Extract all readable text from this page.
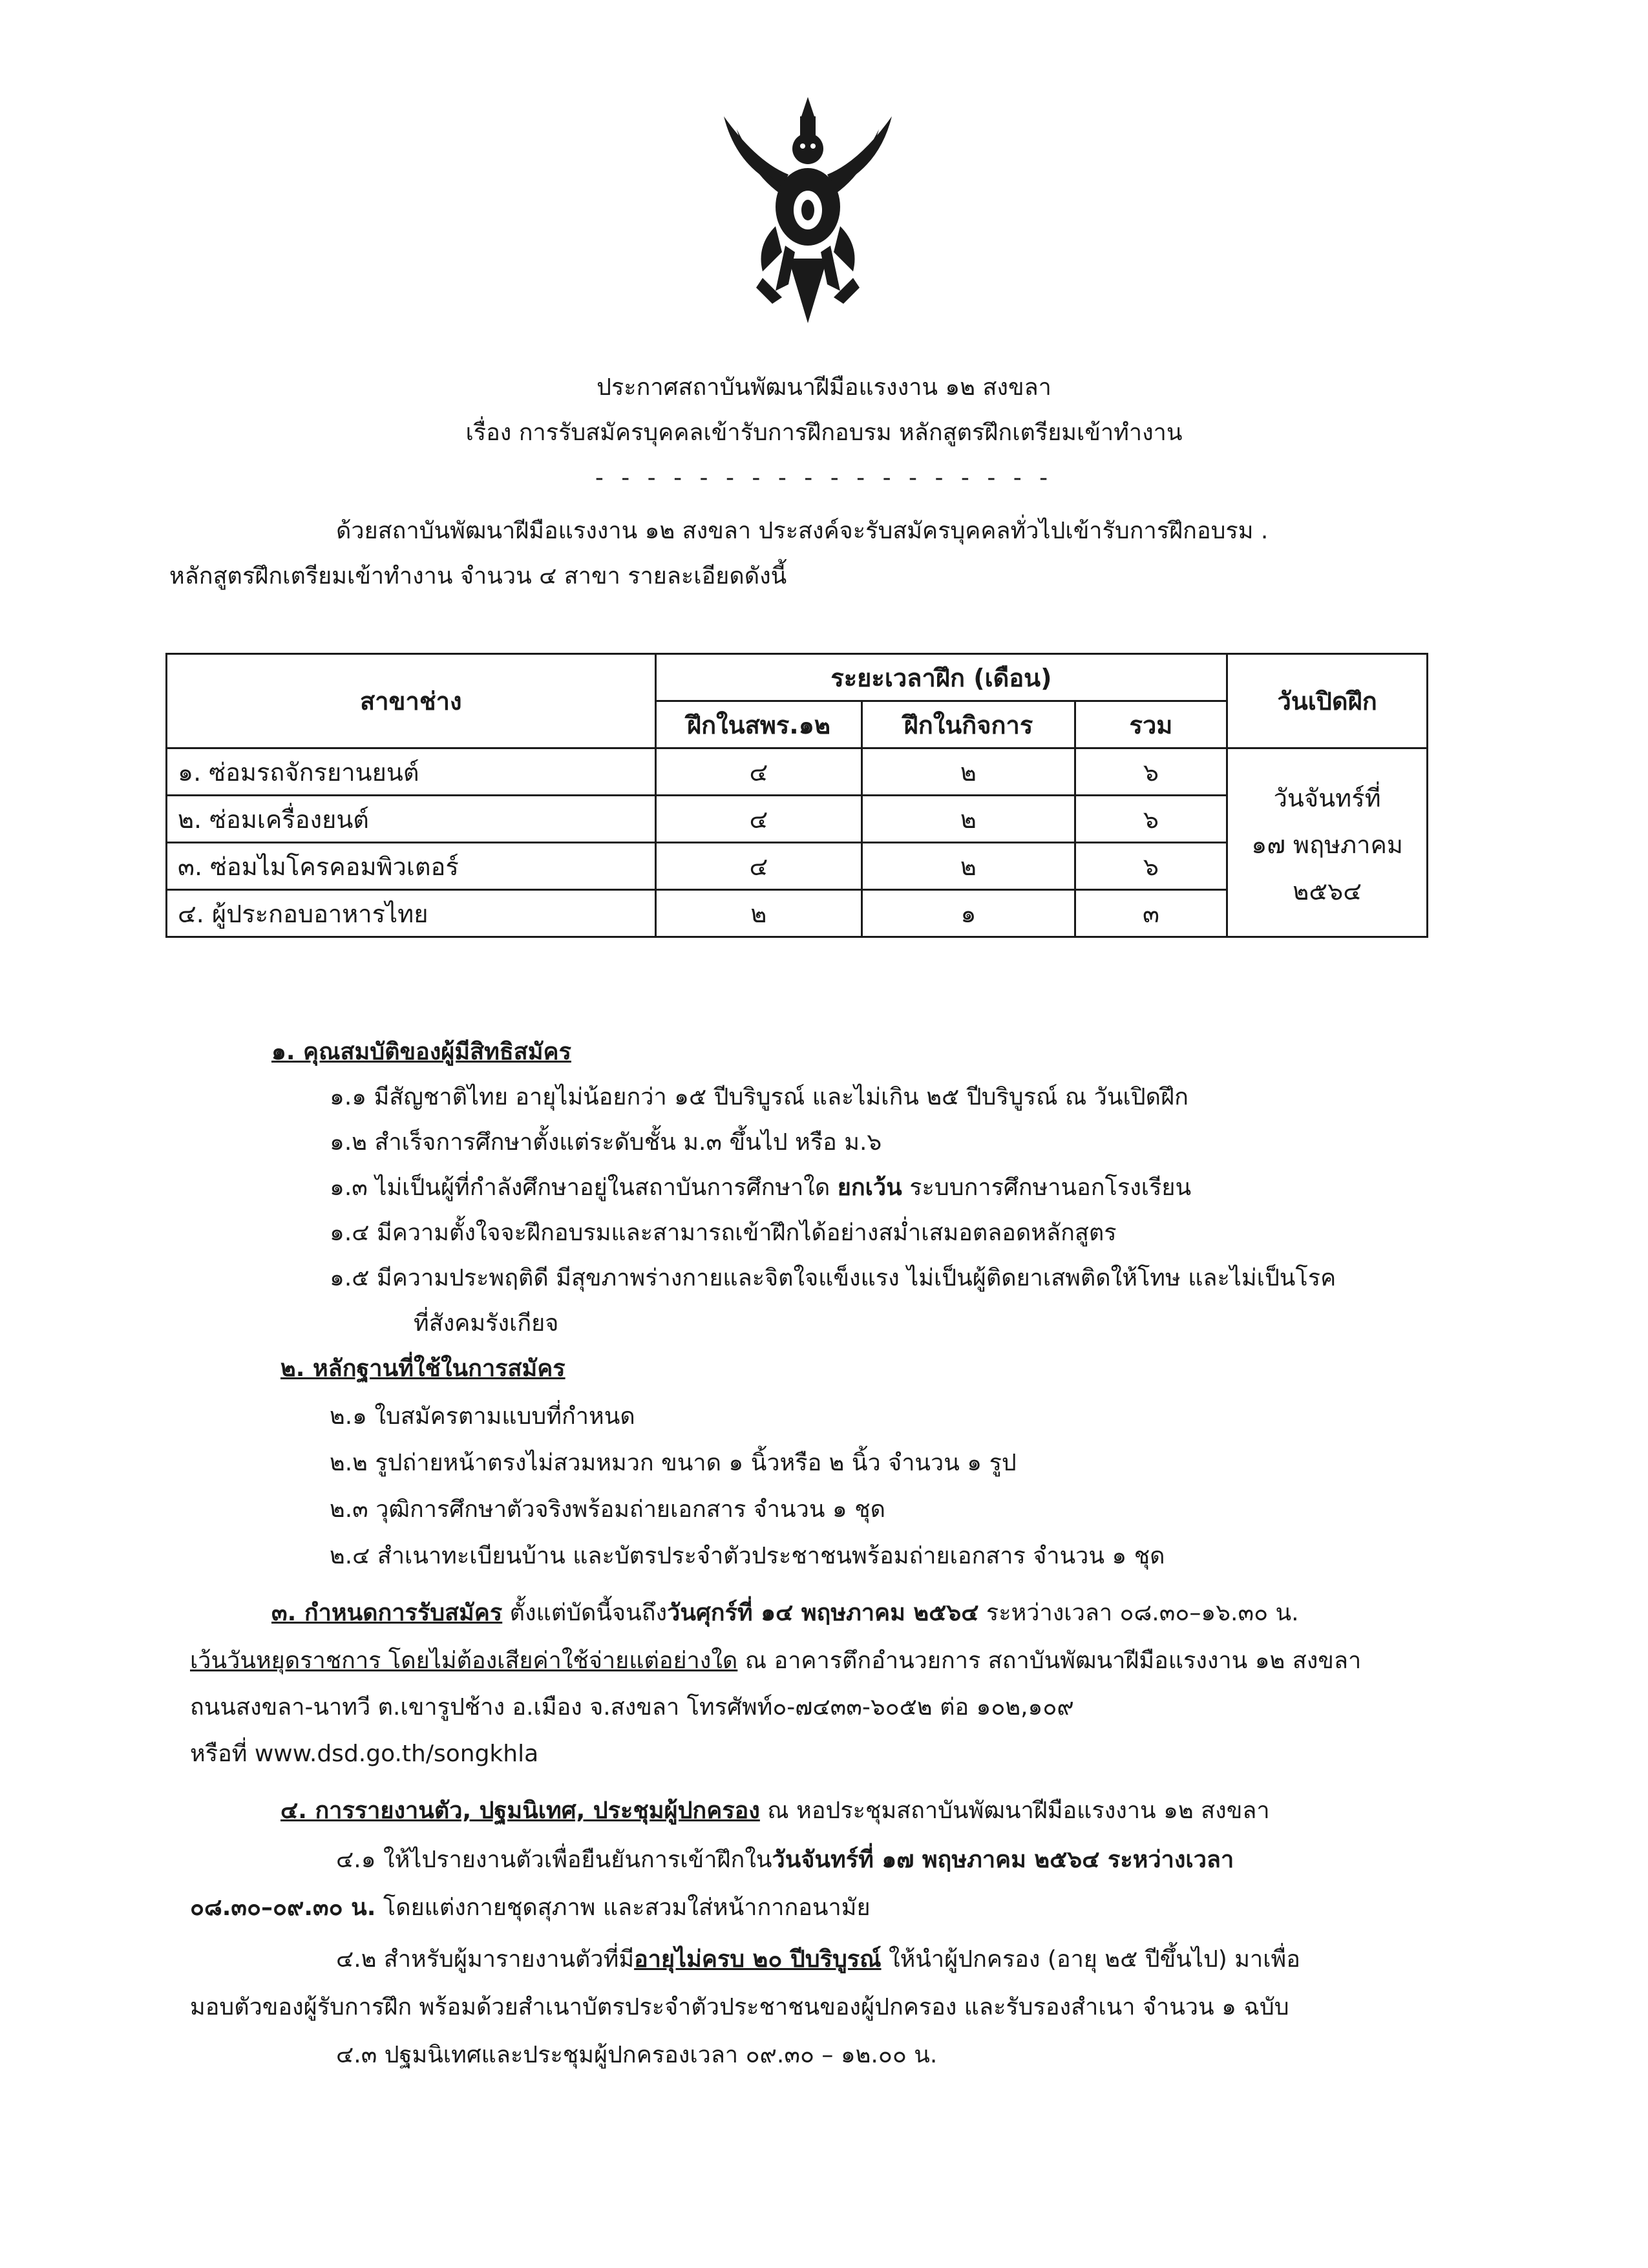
ประกาศสถาบันพัฒนาฝีมือแรงงาน ๑๒ สงขลา
เรื่อง การรับสมัครบุคคลเข้ารับการฝึกอบรม หลักสูตรฝึกเตรียมเข้าทำงาน
- - - - - - - - - - - - - - - - - -
ด้วยสถาบันพัฒนาฝีมือแรงงาน ๑๒ สงขลา ประสงค์จะรับสมัครบุคคลทั่วไปเข้ารับการฝึกอบรม .
หลักสูตรฝึกเตรียมเข้าทำงาน จำนวน ๔ สาขา รายละเอียดดังนี้
สาขาช่าง	ระยะเวลาฝึก (เดือน)			วันเปิดฝึก
	ฝึกในสพร.๑๒	ฝึกในกิจการ	รวม	
๑. ซ่อมรถจักรยานยนต์	๔	๒	๖	วันจันทร์ที่
๑๗ พฤษภาคม
๒๕๖๔

๒. ซ่อมเครื่องยนต์	๔	๒	๖	
๓. ซ่อมไมโครคอมพิวเตอร์	๔	๒	๖	
๔. ผู้ประกอบอาหารไทย	๒	๑	๓	
๑. คุณสมบัติของผู้มีสิทธิสมัคร
๑.๑ มีสัญชาติไทย อายุไม่น้อยกว่า ๑๕ ปีบริบูรณ์ และไม่เกิน ๒๕ ปีบริบูรณ์ ณ วันเปิดฝึก
๑.๒ สำเร็จการศึกษาตั้งแต่ระดับชั้น ม.๓ ขึ้นไป หรือ ม.๖
๑.๓ ไม่เป็นผู้ที่กำลังศึกษาอยู่ในสถาบันการศึกษาใด ยกเว้น ระบบการศึกษานอกโรงเรียน
๑.๔ มีความตั้งใจจะฝึกอบรมและสามารถเข้าฝึกได้อย่างสม่ำเสมอตลอดหลักสูตร
๑.๕ มีความประพฤติดี มีสุขภาพร่างกายและจิตใจแข็งแรง ไม่เป็นผู้ติดยาเสพติดให้โทษ และไม่เป็นโรค
ที่สังคมรังเกียจ
๒. หลักฐานที่ใช้ในการสมัคร
๒.๑ ใบสมัครตามแบบที่กำหนด
๒.๒ รูปถ่ายหน้าตรงไม่สวมหมวก ขนาด ๑ นิ้วหรือ ๒ นิ้ว จำนวน ๑ รูป
๒.๓ วุฒิการศึกษาตัวจริงพร้อมถ่ายเอกสาร จำนวน ๑ ชุด
๒.๔ สำเนาทะเบียนบ้าน และบัตรประจำตัวประชาชนพร้อมถ่ายเอกสาร จำนวน ๑ ชุด
๓. กำหนดการรับสมัคร ตั้งแต่บัดนี้จนถึงวันศุกร์ที่ ๑๔ พฤษภาคม ๒๕๖๔ ระหว่างเวลา ๐๘.๓๐–๑๖.๓๐ น.
เว้นวันหยุดราชการ โดยไม่ต้องเสียค่าใช้จ่ายแต่อย่างใด ณ อาคารตึกอำนวยการ สถาบันพัฒนาฝีมือแรงงาน ๑๒ สงขลา
ถนนสงขลา-นาทวี ต.เขารูปช้าง อ.เมือง จ.สงขลา โทรศัพท์๐-๗๔๓๓-๖๐๕๒ ต่อ ๑๐๒,๑๐๙
หรือที่ www.dsd.go.th/songkhla
๔. การรายงานตัว, ปฐมนิเทศ, ประชุมผู้ปกครอง ณ หอประชุมสถาบันพัฒนาฝีมือแรงงาน ๑๒ สงขลา
๔.๑ ให้ไปรายงานตัวเพื่อยืนยันการเข้าฝึกในวันจันทร์ที่ ๑๗ พฤษภาคม ๒๕๖๔ ระหว่างเวลา
๐๘.๓๐–๐๙.๓๐ น. โดยแต่งกายชุดสุภาพ และสวมใส่หน้ากากอนามัย
๔.๒ สำหรับผู้มารายงานตัวที่มีอายุไม่ครบ ๒๐ ปีบริบูรณ์ ให้นำผู้ปกครอง (อายุ ๒๕ ปีขึ้นไป) มาเพื่อ
มอบตัวของผู้รับการฝึก พร้อมด้วยสำเนาบัตรประจำตัวประชาชนของผู้ปกครอง และรับรองสำเนา จำนวน ๑ ฉบับ
๔.๓ ปฐมนิเทศและประชุมผู้ปกครองเวลา ๐๙.๓๐ – ๑๒.๐๐ น.
